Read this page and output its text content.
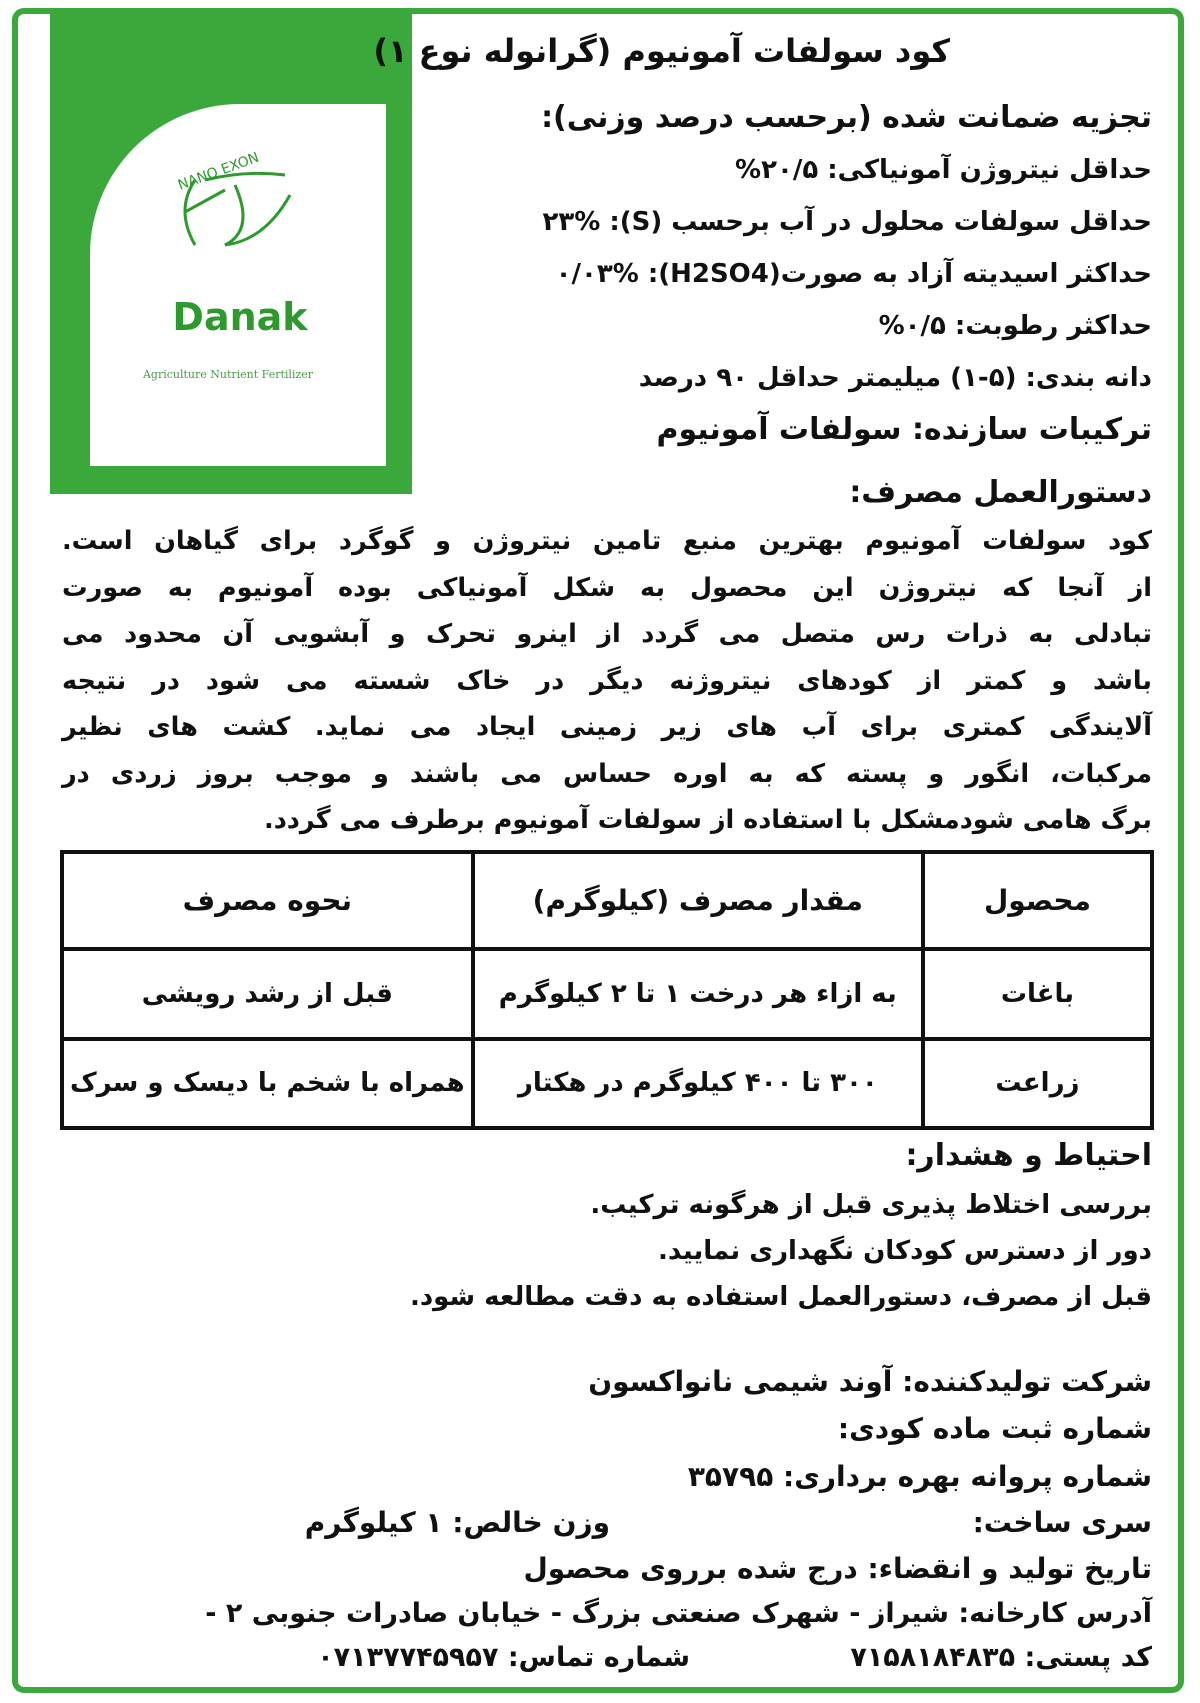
NANO EXON
Danak
Agriculture Nutrient Fertilizer
کود سولفات آمونیوم (گرانوله نوع ۱)
تجزیه ضمانت شده (برحسب درصد وزنی):
حداقل نیتروژن آمونیاکی: ۲۰/۵%
حداقل سولفات محلول در آب برحسب (S): ۲۳%
حداکثر اسیدیته آزاد به صورت(H2SO4): ۰/۰۳%
حداکثر رطوبت: ۰/۵%
دانه بندی: (۵-۱) میلیمتر حداقل ۹۰ درصد
ترکیبات سازنده: سولفات آمونیوم
دستورالعمل مصرف:
کود سولفات آمونیوم بهترین منبع تامین نیتروژن و گوگرد برای گیاهان است.
از آنجا که نیتروژن این محصول به شکل آمونیاکی بوده آمونیوم به صورت
تبادلی به ذرات رس متصل می گردد از اینرو تحرک و آبشویی آن محدود می
باشد و کمتر از کودهای نیتروژنه دیگر در خاک شسته می شود در نتیجه
آلایندگی کمتری برای آب های زیر زمینی ایجاد می نماید. کشت های نظیر
مرکبات، انگور و پسته که به اوره حساس می باشند و موجب بروز زردی در
برگ هامی شودمشکل با استفاده از سولفات آمونیوم برطرف می گردد.
محصول	مقدار مصرف (کیلوگرم)	نحوه مصرف
باغات	به ازاء هر درخت ۱ تا ۲ کیلوگرم	قبل از رشد رویشی
زراعت	۳۰۰ تا ۴۰۰ کیلوگرم در هکتار	همراه با شخم با دیسک و سرک
احتیاط و هشدار:
بررسی اختلاط پذیری قبل از هرگونه ترکیب.
دور از دسترس کودکان نگهداری نمایید.
قبل از مصرف، دستورالعمل استفاده به دقت مطالعه شود.
شرکت تولیدکننده: آوند شیمی نانواکسون
شماره ثبت ماده کودی:
شماره پروانه بهره برداری: ۳۵۷۹۵
سری ساخت:
وزن خالص: ۱ کیلوگرم
تاریخ تولید و انقضاء: درج شده برروی محصول
آدرس کارخانه: شیراز - شهرک صنعتی بزرگ - خیابان صادرات جنوبی ۲ -
کد پستی: ۷۱۵۸۱۸۴۸۳۵
شماره تماس: ۰۷۱۳۷۷۴۵۹۵۷
